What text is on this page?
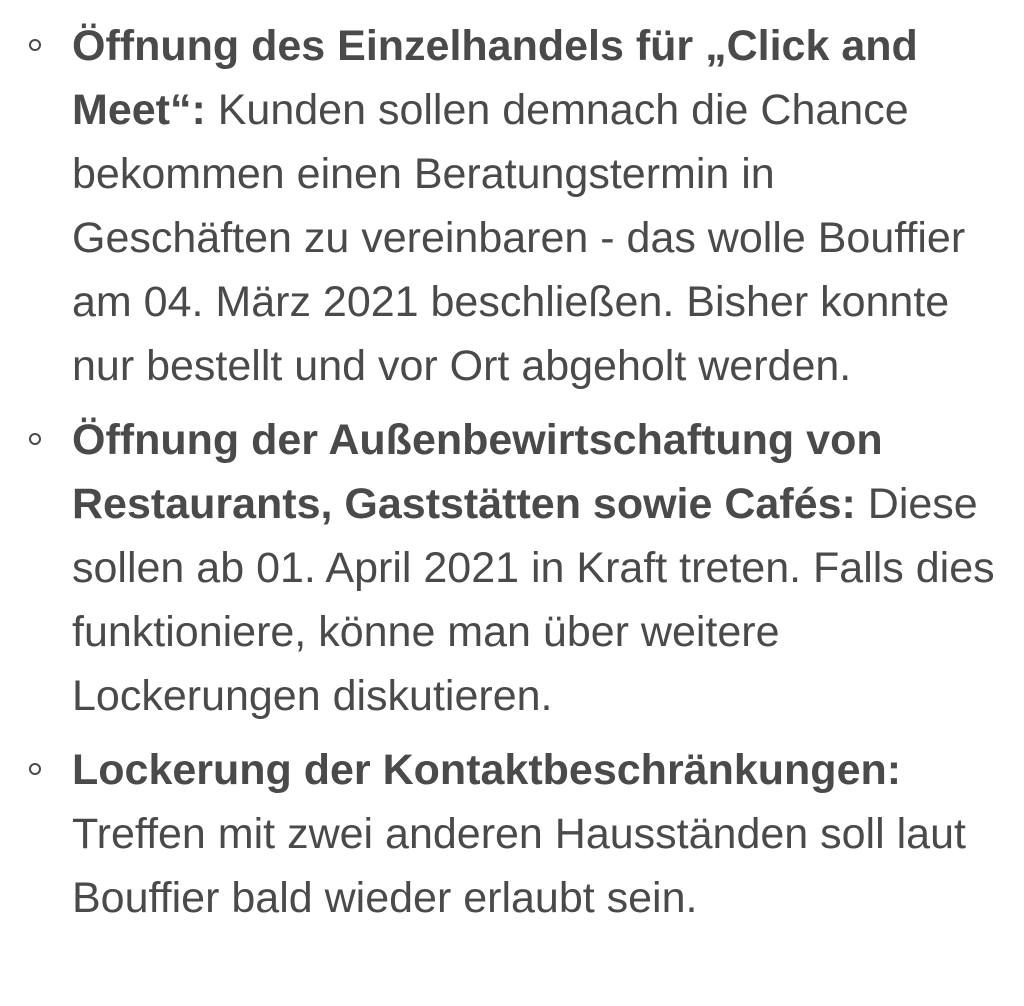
Öffnung des Einzelhandels für „Click and Meet“: Kunden sollen demnach die Chance bekommen einen Beratungstermin in Geschäften zu vereinbaren - das wolle Bouffier am 04. März 2021 beschließen. Bisher konnte nur bestellt und vor Ort abgeholt werden.
Öffnung der Außenbewirtschaftung von Restaurants, Gaststätten sowie Cafés: Diese sollen ab 01. April 2021 in Kraft treten. Falls dies funktioniere, könne man über weitere Lockerungen diskutieren.
Lockerung der Kontaktbeschränkungen: Treffen mit zwei anderen Hausständen soll laut Bouffier bald wieder erlaubt sein.
